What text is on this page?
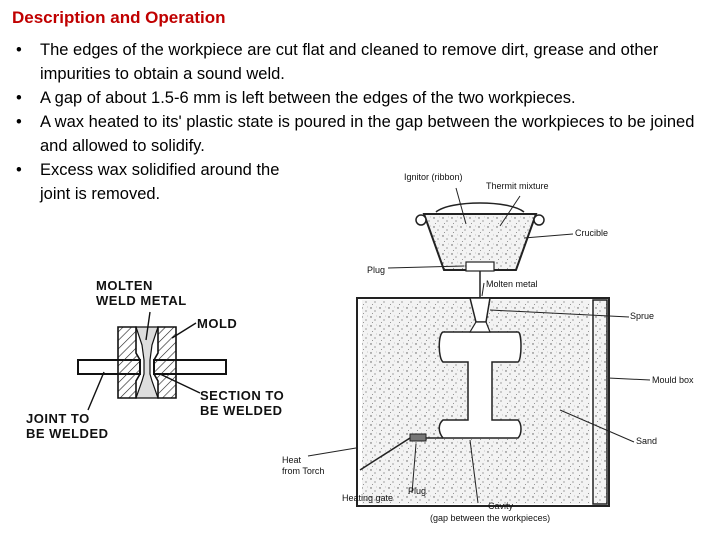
Description and Operation
• The edges of the workpiece are cut flat and cleaned to remove dirt, grease and other impurities to obtain a sound weld.
• A gap of about 1.5-6 mm is left between the edges of the two workpieces.
• A wax heated to its' plastic state is poured in the gap between the workpieces to be joined and allowed to solidify.
• Excess wax solidified around the joint is removed.
MOLTEN
WELD METAL
MOLD
SECTION TO
BE WELDED
JOINT TO
BE WELDED
Ignitor (ribbon)
Thermit mixture
Crucible
Plug
Molten metal
Sprue
Mould box
Sand
Heat
from Torch
Heating gate
Plug
Cavity
(gap between the workpieces)
